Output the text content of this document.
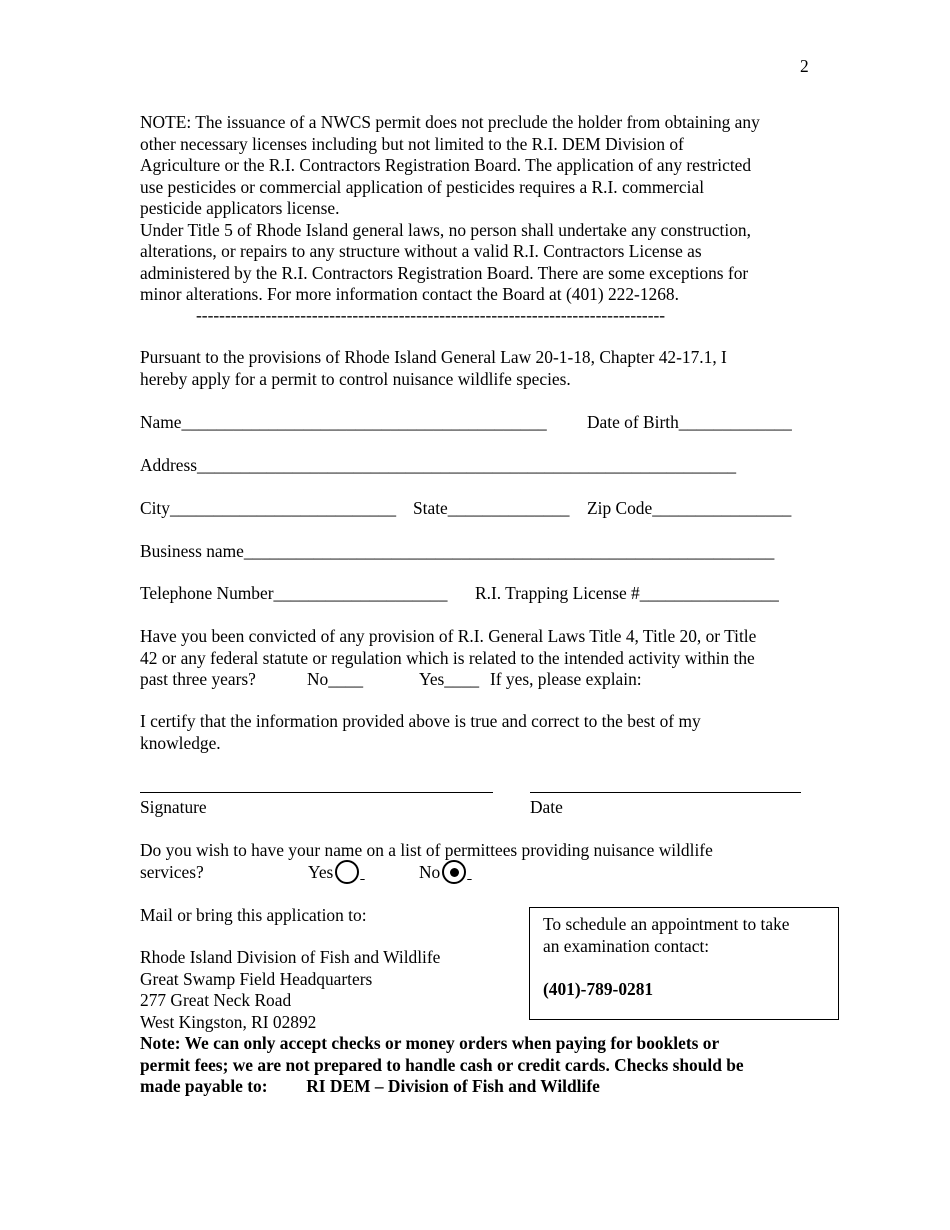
2
NOTE: The issuance of a NWCS permit does not preclude the holder from obtaining any
other necessary licenses including but not limited to the R.I. DEM Division of
Agriculture or the R.I. Contractors Registration Board. The application of any restricted
use pesticides or commercial application of pesticides requires a R.I. commercial
pesticide applicators license.
Under Title 5 of Rhode Island general laws, no person shall undertake any construction,
alterations, or repairs to any structure without a valid R.I. Contractors License as
administered by the R.I. Contractors Registration Board. There are some exceptions for
minor alterations. For more information contact the Board at (401) 222-1268.
---------------------------------------------------------------------------------
Pursuant to the provisions of Rhode Island General Law 20-1-18, Chapter 42-17.1, I
hereby apply for a permit to control nuisance wildlife species.
Name__________________________________________ Date of Birth_____________
Address______________________________________________________________
City__________________________ State______________ Zip Code________________
Business name_____________________________________________________________
Telephone Number____________________ R.I. Trapping License #________________
Have you been convicted of any provision of R.I. General Laws Title 4, Title 20, or Title
42 or any federal statute or regulation which is related to the intended activity within the
past three years?	No____	Yes____ If yes, please explain:
I certify that the information provided above is true and correct to the best of my
knowledge.
Signature	Date
Do you wish to have your name on a list of permittees providing nuisance wildlife
services?	Yes	No
Mail or bring this application to:
Rhode Island Division of Fish and Wildlife
Great Swamp Field Headquarters
277 Great Neck Road
West Kingston, RI 02892
To schedule an appointment to take
an examination contact:
(401)-789-0281
Note: We can only accept checks or money orders when paying for booklets or
permit fees; we are not prepared to handle cash or credit cards. Checks should be
made payable to: RI DEM – Division of Fish and Wildlife
